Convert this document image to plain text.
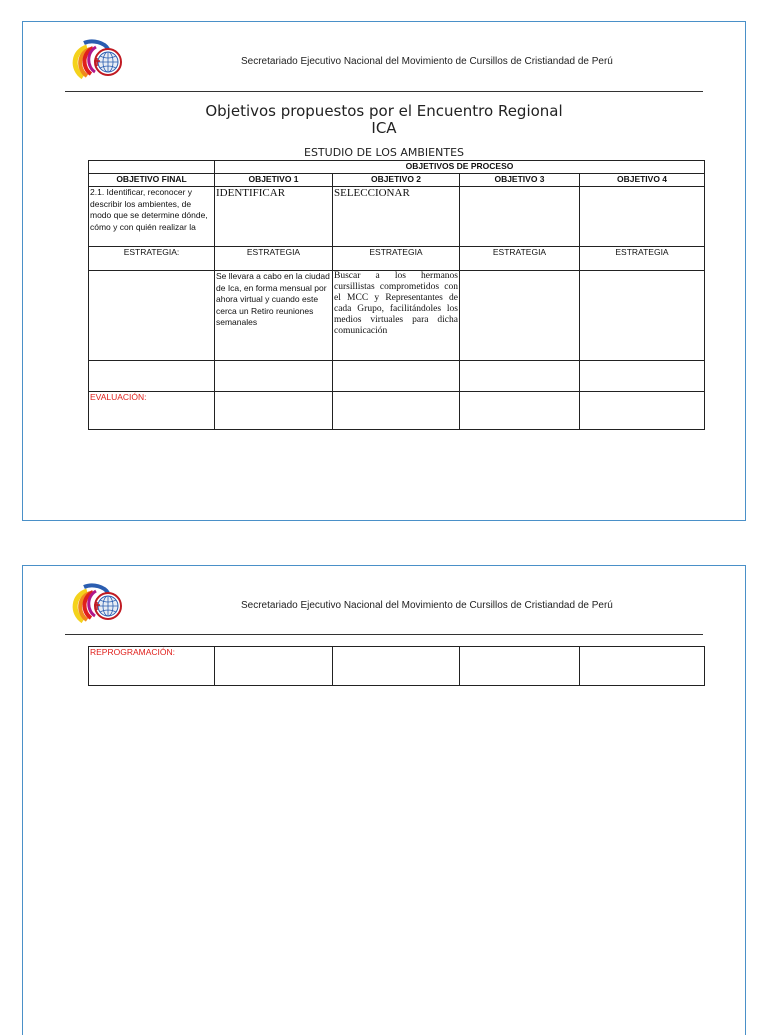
Secretariado Ejecutivo Nacional del Movimiento de Cursillos de Cristiandad de Perú
Objetivos propuestos por el Encuentro Regional
ICA
ESTUDIO DE LOS AMBIENTES
	OBJETIVOS DE PROCESO			
OBJETIVO FINAL	OBJETIVO 1	OBJETIVO 2	OBJETIVO 3	OBJETIVO 4
2.1. Identificar, reconocer y describir los ambientes, de modo que se determine dónde, cómo y con quién realizar la	IDENTIFICAR	SELECCIONAR		
ESTRATEGIA:	ESTRATEGIA	ESTRATEGIA	ESTRATEGIA	ESTRATEGIA
	Se llevara a cabo en la ciudad de Ica, en forma mensual por ahora virtual y cuando este cerca un Retiro reuniones semanales	Buscar a los hermanos cursillistas comprometidos con el MCC y Representantes de cada Grupo, facilitándoles los medios virtuales para dicha comunicación		

EVALUACIÓN:				
Secretariado Ejecutivo Nacional del Movimiento de Cursillos de Cristiandad de Perú
REPROGRAMACIÓN:				
